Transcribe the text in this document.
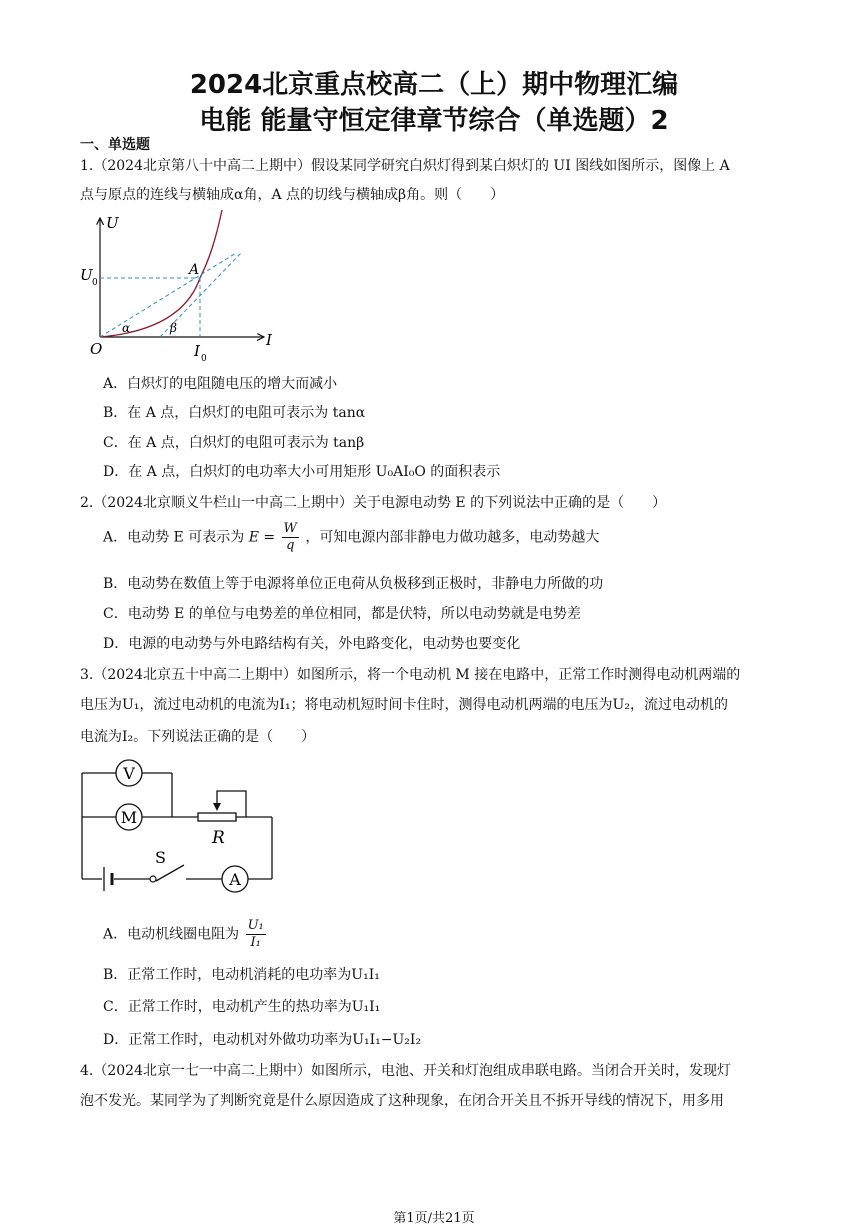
2024北京重点校高二（上）期中物理汇编
电能 能量守恒定律章节综合（单选题）2
一、单选题
1.（2024北京第八十中高二上期中）假设某同学研究白炽灯得到某白炽灯的 UI 图线如图所示，图像上 A
点与原点的连线与横轴成α角，A 点的切线与横轴成β角。则（　　）
U
I
O
A
U 0
I 0
α	β
A．白炽灯的电阻随电压的增大而减小
B．在 A 点，白炽灯的电阻可表示为 tanα
C．在 A 点，白炽灯的电阻可表示为 tanβ
D．在 A 点，白炽灯的电功率大小可用矩形 U₀AI₀O 的面积表示
2.（2024北京顺义牛栏山一中高二上期中）关于电源电动势 E 的下列说法中正确的是（　　）
A．电动势 E 可表示为 $E = \frac{W}{q}$ ，可知电源内部非静电力做功越多，电动势越大
B．电动势在数值上等于电源将单位正电荷从负极移到正极时，非静电力所做的功
C．电动势 E 的单位与电势差的单位相同，都是伏特，所以电动势就是电势差
D．电源的电动势与外电路结构有关，外电路变化，电动势也要变化
3.（2024北京五十中高二上期中）如图所示，将一个电动机 M 接在电路中，正常工作时测得电动机两端的
电压为U₁，流过电动机的电流为I₁；将电动机短时间卡住时，测得电动机两端的电压为U₂，流过电动机的
电流为I₂。下列说法正确的是（　　）
V
M
A
R
S
A．电动机线圈电阻为 $\frac{\text{U₁}}{\text{I₁}}$
B．正常工作时，电动机消耗的电功率为U₁I₁
C．正常工作时，电动机产生的热功率为U₁I₁
D．正常工作时，电动机对外做功功率为U₁I₁−U₂I₂
4.（2024北京一七一中高二上期中）如图所示，电池、开关和灯泡组成串联电路。当闭合开关时，发现灯
泡不发光。某同学为了判断究竟是什么原因造成了这种现象，在闭合开关且不拆开导线的情况下，用多用
第1页/共21页
